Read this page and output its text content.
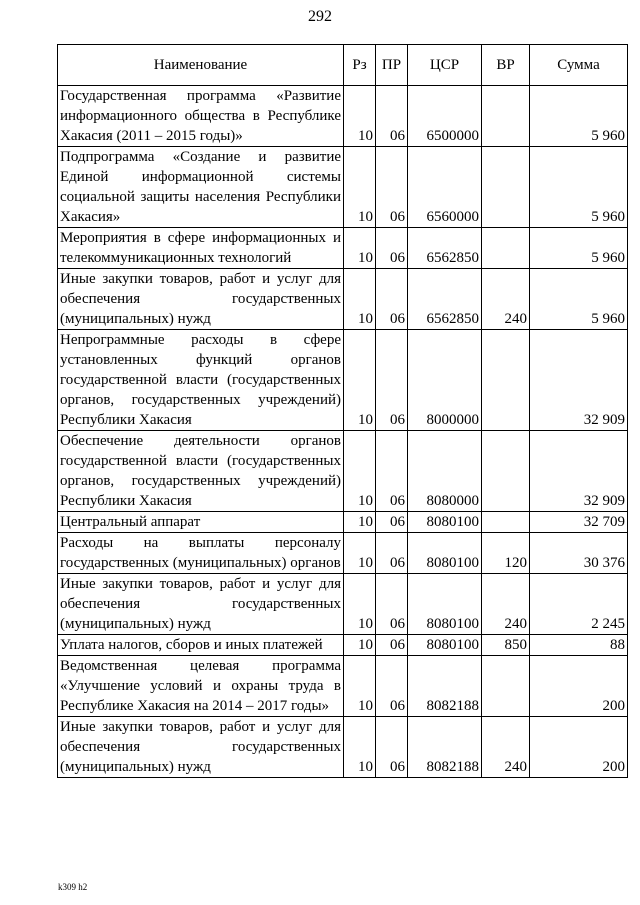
292
Наименование	Рз	ПР	ЦСР	ВР	Сумма
Государственная программа «Развитие информационного общества в Республике Хакасия (2011 – 2015 годы)»	10	06	6500000		5 960
Подпрограмма «Создание и развитие Единой информационной системы социальной защиты населения Республики Хакасия»	10	06	6560000		5 960
Мероприятия в сфере информационных и телекоммуникационных технологий	10	06	6562850		5 960
Иные закупки товаров, работ и услуг для обеспечения государственных (муниципальных) нужд	10	06	6562850	240	5 960
Непрограммные расходы в сфере установленных функций органов государственной власти (государственных органов, государственных учреждений) Республики Хакасия	10	06	8000000		32 909
Обеспечение деятельности органов государственной власти (государственных органов, государственных учреждений) Республики Хакасия	10	06	8080000		32 909
Центральный аппарат	10	06	8080100		32 709
Расходы на выплаты персоналу государственных (муниципальных) органов	10	06	8080100	120	30 376
Иные закупки товаров, работ и услуг для обеспечения государственных (муниципальных) нужд	10	06	8080100	240	2 245
Уплата налогов, сборов и иных платежей	10	06	8080100	850	88
Ведомственная целевая программа «Улучшение условий и охраны труда в Республике Хакасия на 2014 – 2017 годы»	10	06	8082188		200
Иные закупки товаров, работ и услуг для обеспечения государственных (муниципальных) нужд	10	06	8082188	240	200
k309 h2
